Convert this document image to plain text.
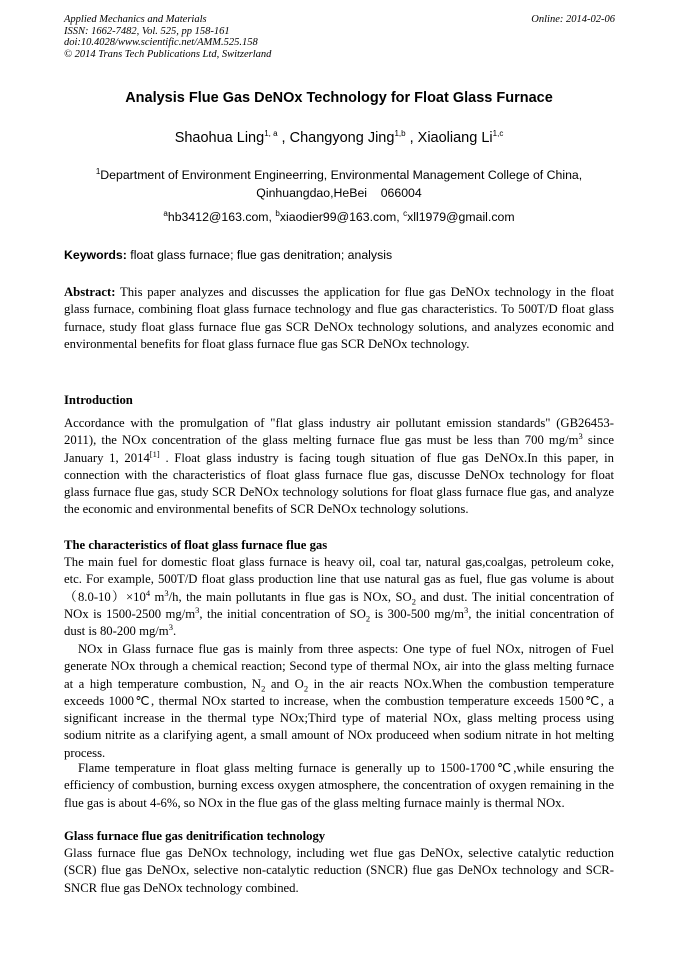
Applied Mechanics and Materials
ISSN: 1662-7482, Vol. 525, pp 158-161
doi:10.4028/www.scientific.net/AMM.525.158
© 2014 Trans Tech Publications Ltd, Switzerland
Online: 2014-02-06
Analysis Flue Gas DeNOx Technology for Float Glass Furnace
Shaohua Ling$^{1, a}$ , Changyong Jing$^{1,b}$ , Xiaoliang Li$^{1,c}$
$^1$Department of Environment Engineerring, Environmental Management College of China,
Qinhuangdao,HeBei    066004
$^a$hb3412@163.com, $^b$xiaodier99@163.com, $^c$xll1979@gmail.com
Keywords: float glass furnace; flue gas denitration; analysis
Abstract: This paper analyzes and discusses the application for flue gas DeNOx technology in the float glass furnace, combining float glass furnace technology and flue gas characteristics. To 500T/D float glass furnace, study float glass furnace flue gas SCR DeNOx technology solutions, and analyzes economic and environmental benefits for float glass furnace flue gas SCR DeNOx technology.
Introduction
Accordance with the promulgation of "flat glass industry air pollutant emission standards" (GB26453-2011), the NOx concentration of the glass melting furnace flue gas must be less than 700 $mg/m^3$ since January 1, 2014[1] . Float glass industry is facing tough situation of flue gas DeNOx.In this paper, in connection with the characteristics of float glass furnace flue gas, discusse DeNOx technology for float glass furnace flue gas, study SCR DeNOx technology solutions for float glass furnace flue gas, and analyze the economic and environmental benefits of SCR DeNOx technology solutions.
The characteristics of float glass furnace flue gas
The main fuel for domestic float glass furnace is heavy oil, coal tar, natural gas,coalgas, petroleum coke, etc. For example, 500T/D float glass production line that use natural gas as fuel, flue gas volume is about $(8.0-10)\times 10^4$ $m^3/h$, the main pollutants in flue gas is NOx, $SO_2$ and dust. The initial concentration of NOx is 1500-2500 $mg/m^3$, the initial concentration of $SO_2$ is 300-500 $mg/m^3$, the initial concentration of dust is 80-200 $mg/m^3$.
NOx in Glass furnace flue gas is mainly from three aspects: One type of fuel NOx, nitrogen of Fuel generate NOx through a chemical reaction; Second type of thermal NOx, air into the glass melting furnace at a high temperature combustion, $N_2$ and $O_2$ in the air reacts NOx.When the combustion temperature exceeds 1000℃, thermal NOx started to increase, when the combustion temperature exceeds 1500℃, a significant increase in the thermal type NOx;Third type of material NOx, glass melting process using sodium nitrite as a clarifying agent, a small amount of NOx produceed when sodium nitrate in hot melting process.
Flame temperature in float glass melting furnace is generally up to 1500-1700℃,while ensuring the efficiency of combustion, burning excess oxygen atmosphere, the concentration of oxygen remaining in the flue gas is about 4-6%, so NOx in the flue gas of the glass melting furnace mainly is thermal NOx.
Glass furnace flue gas denitrification technology
Glass furnace flue gas DeNOx technology, including wet flue gas DeNOx, selective catalytic reduction (SCR) flue gas DeNOx, selective non-catalytic reduction (SNCR) flue gas DeNOx technology and SCR-SNCR flue gas DeNOx technology combined.
